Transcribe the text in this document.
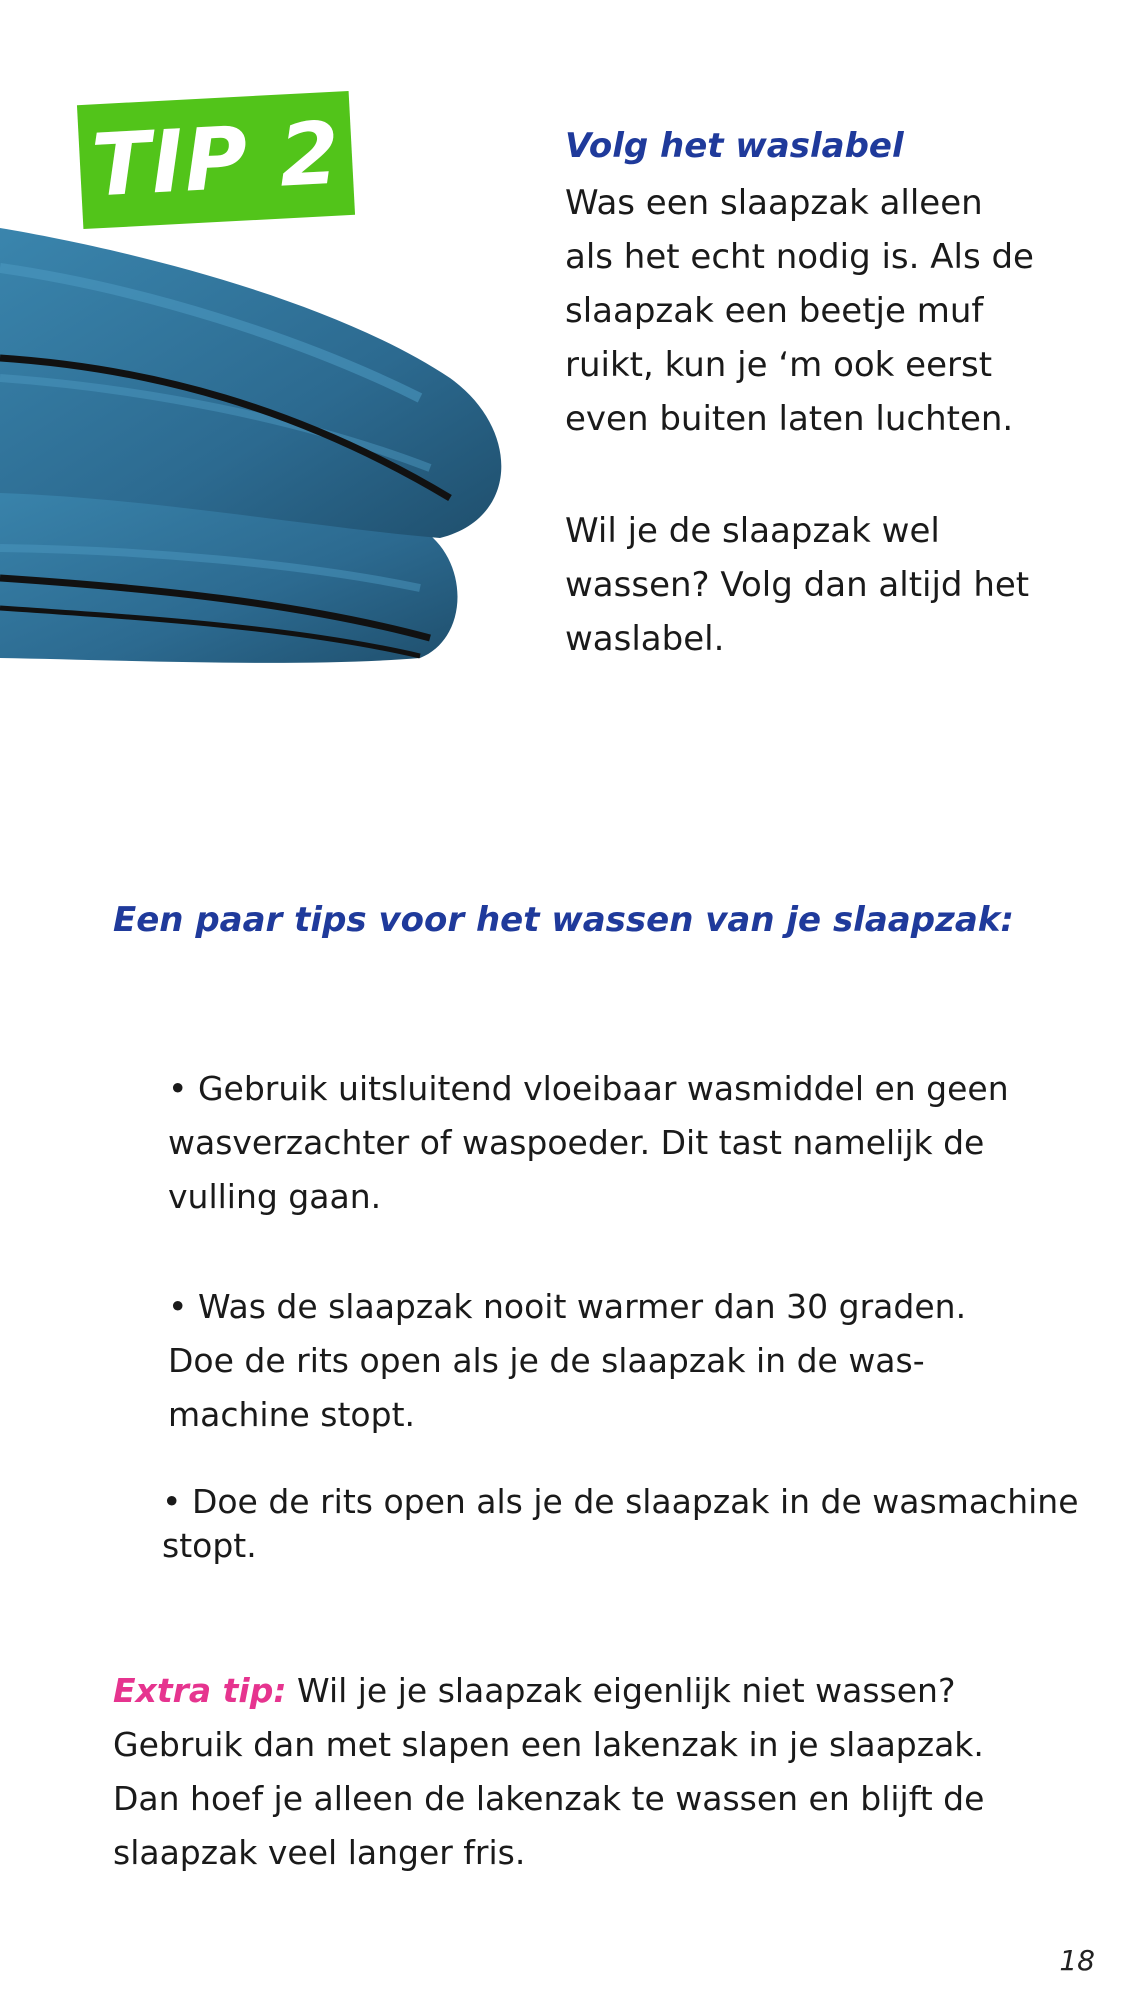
TIP 2	Volg het waslabel
Was een slaapzak alleen
als het echt nodig is. Als de
slaapzak een beetje muf
ruikt, kun je ‘m ook eerst
even buiten laten luchten.
Wil je de slaapzak wel
wassen? Volg dan altijd het
waslabel.
Een paar tips voor het wassen van je slaapzak:
• Gebruik uitsluitend vloeibaar wasmiddel en geen
wasverzachter of waspoeder. Dit tast namelijk de
vulling gaan.
• Was de slaapzak nooit warmer dan 30 graden.
Doe de rits open als je de slaapzak in de was-
machine stopt.
• Doe de rits open als je de slaapzak in de wasmachine
stopt.
Extra tip: Wil je je slaapzak eigenlijk niet wassen?
Gebruik dan met slapen een lakenzak in je slaapzak.
Dan hoef je alleen de lakenzak te wassen en blijft de
slaapzak veel langer fris.
18
